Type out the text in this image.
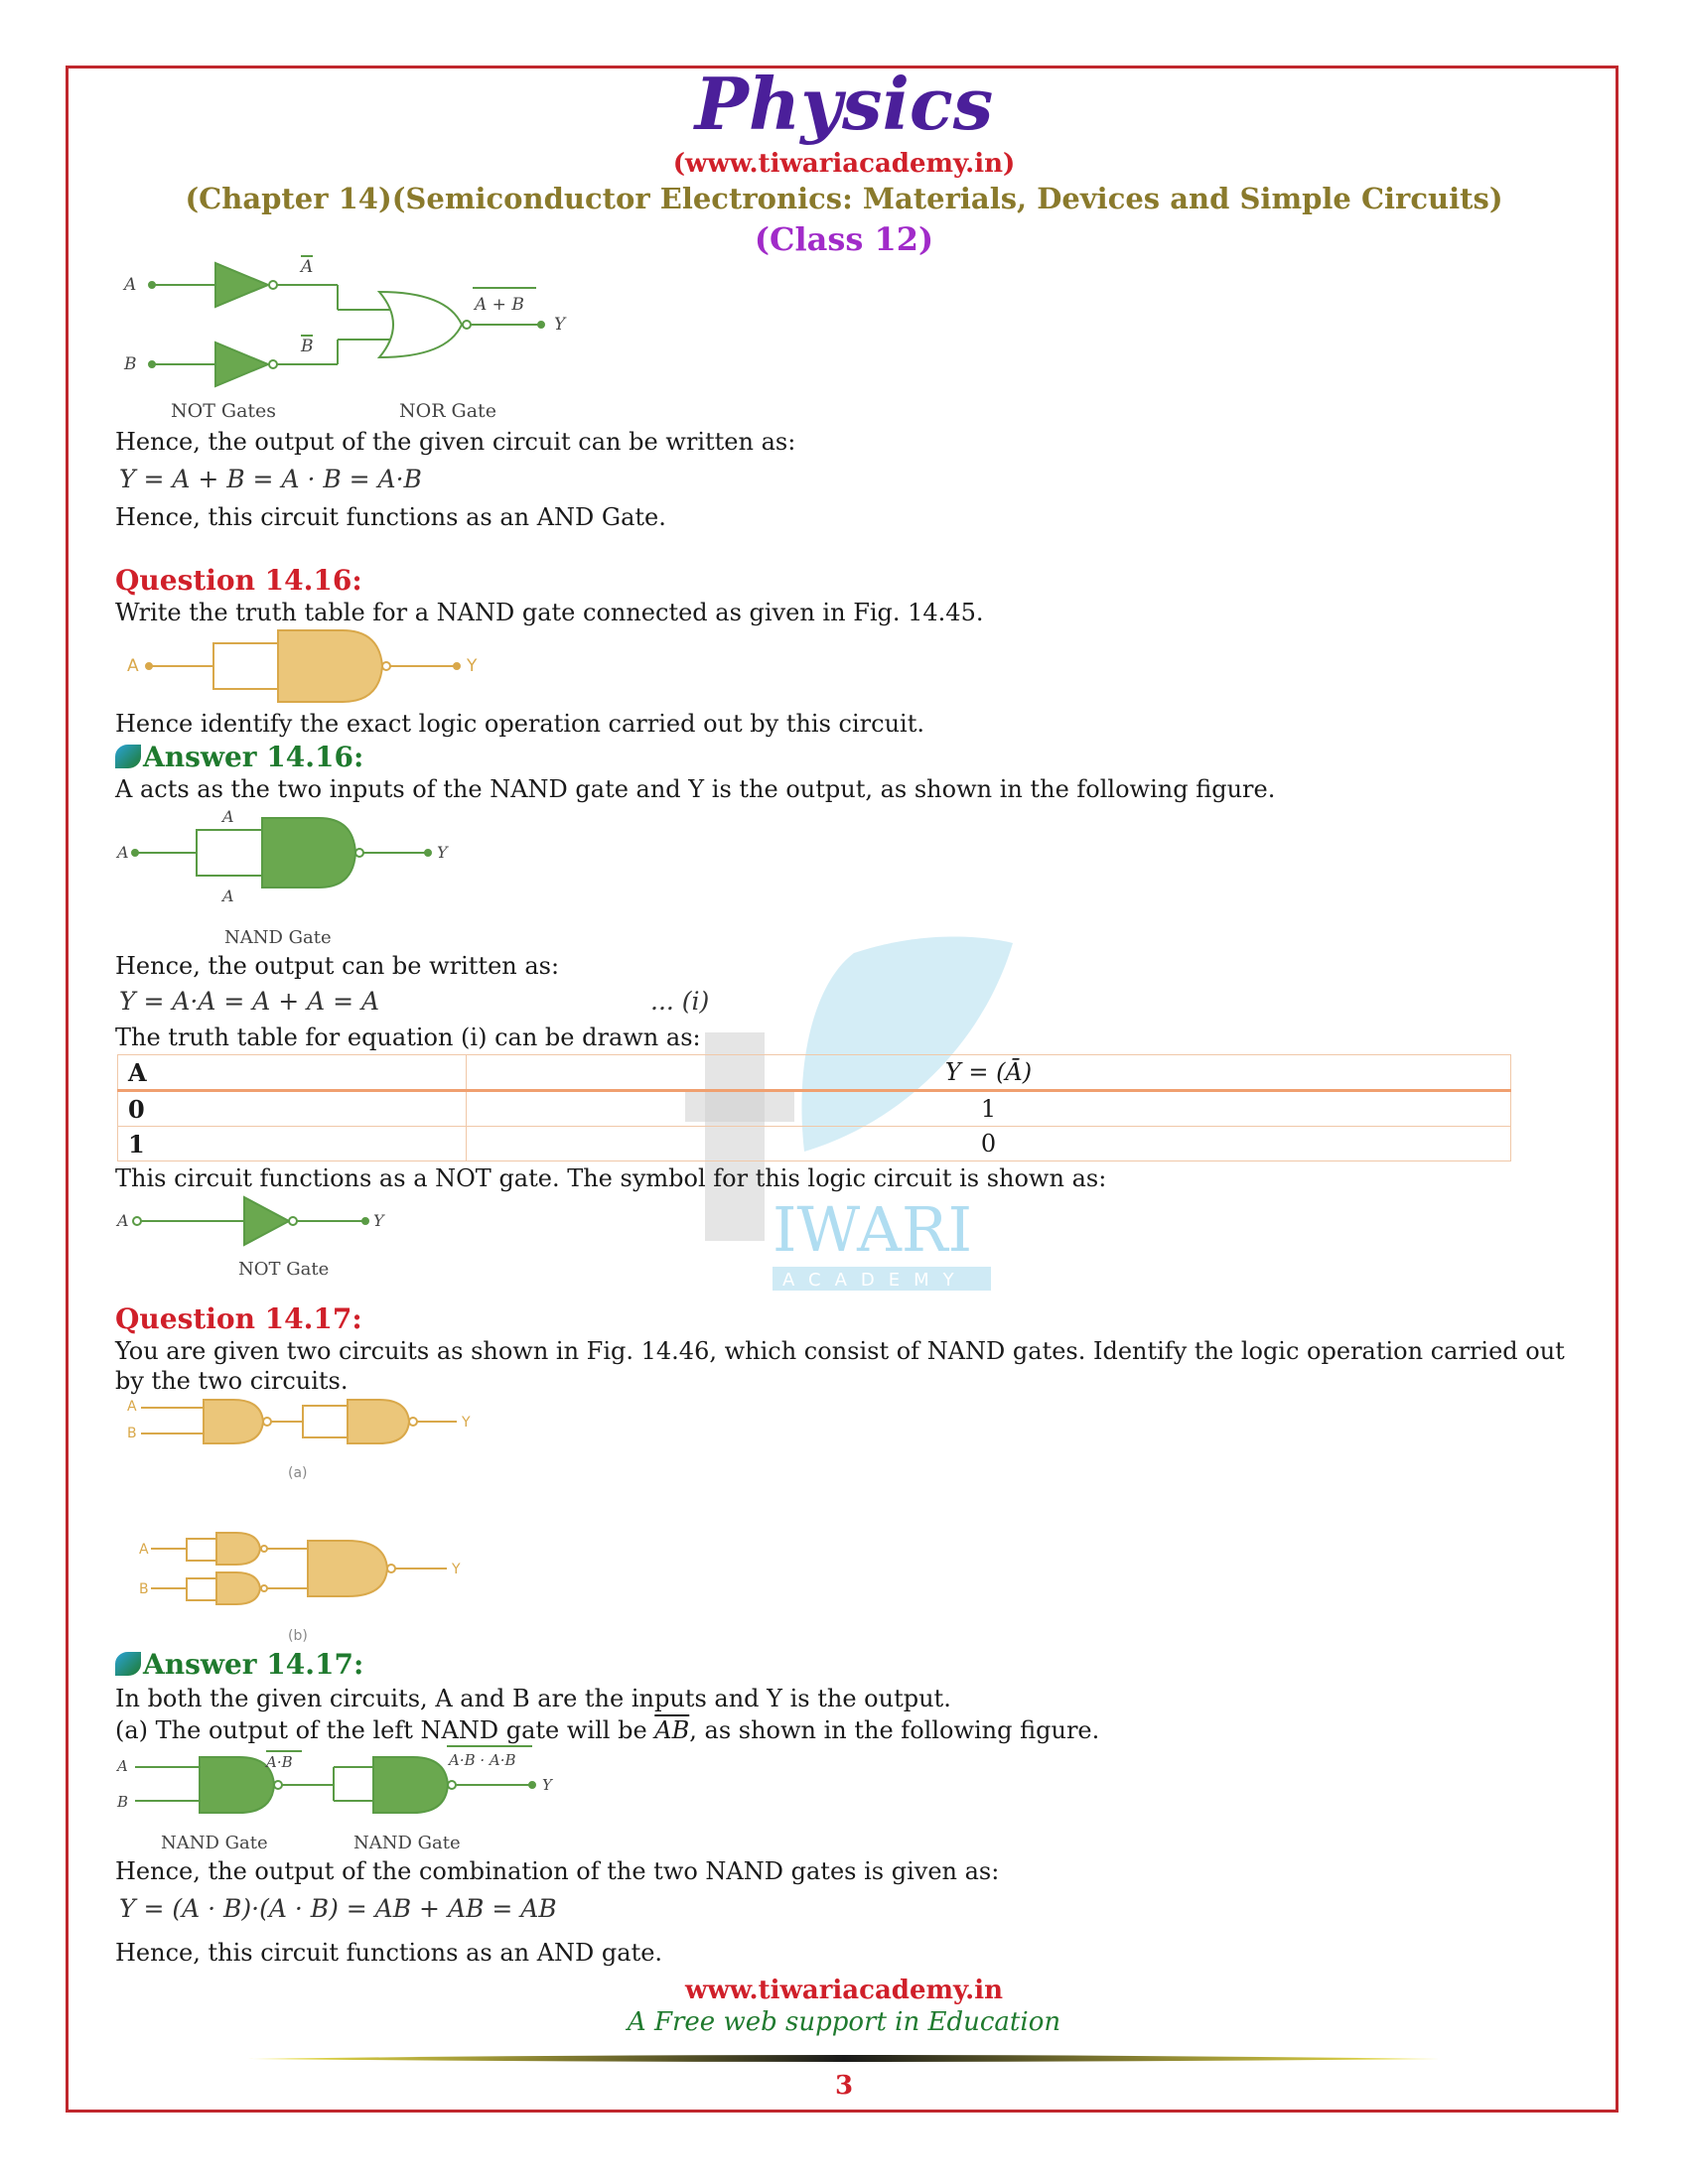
IWARI
ACADEMY
Physics
(www.tiwariacademy.in)
(Chapter 14)(Semiconductor Electronics: Materials, Devices and Simple Circuits)
(Class 12)
A
A
B
B
A + B
Y
NOT Gates	NOR Gate
Hence, the output of the given circuit can be written as:
Y = A + B = A · B = A·B
Hence, this circuit functions as an AND Gate.
Question 14.16:
Write the truth table for a NAND gate connected as given in Fig. 14.45.
A	Y
Hence identify the exact logic operation carried out by this circuit.
Answer 14.16:
A acts as the two inputs of the NAND gate and Y is the output, as shown in the following figure.
A
A
A
Y
NAND Gate
Hence, the output can be written as:
Y = A·A = A + A = A	... (i)
The truth table for equation (i) can be drawn as:
A	Y = (Ā)
0	1
1	0
This circuit functions as a NOT gate. The symbol for this logic circuit is shown as:
A	Y
NOT Gate
Question 14.17:
You are given two circuits as shown in Fig. 14.46, which consist of NAND gates. Identify the logic operation carried out by the two circuits.
A
B
Y
(a)
A
B
Y
(b)
Answer 14.17:
In both the given circuits, A and B are the inputs and Y is the output.
(a) The output of the left NAND gate will be $\overline{AB}$, as shown in the following figure.
A
B
A·B	A·B · A·B
Y
NAND Gate	NAND Gate
Hence, the output of the combination of the two NAND gates is given as:
Y = (A · B)·(A · B) = AB + AB = AB
Hence, this circuit functions as an AND gate.
www.tiwariacademy.in
A Free web support in Education
3
